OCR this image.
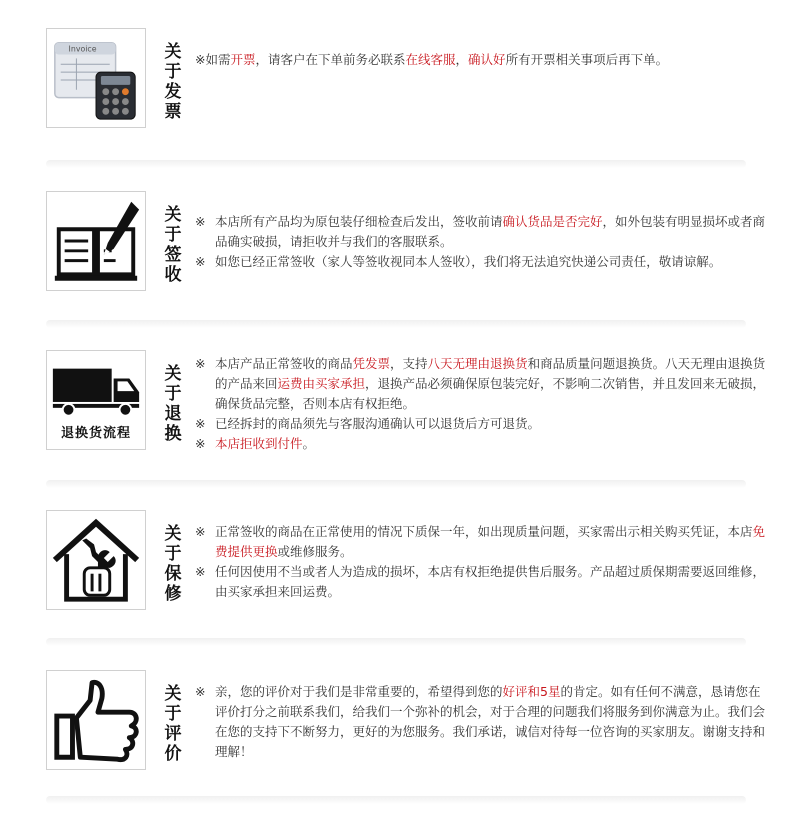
Invoice	关
于
发
票
※如需开票，请客户在下单前务必联系在线客服，确认好所有开票相关事项后再下单。
关
于
签
收
※ 本店所有产品均为原包装仔细检查后发出，签收前请确认货品是否完好，如外包装有明显损坏或者商品确实破损，请拒收并与我们的客服联系。
※ 如您已经正常签收（家人等签收视同本人签收），我们将无法追究快递公司责任，敬请谅解。
退换货流程
关
于
退
换
※ 本店产品正常签收的商品凭发票，支持八天无理由退换货和商品质量问题退换货。八天无理由退换货的产品来回运费由买家承担，退换产品必须确保原包装完好，不影响二次销售，并且发回来无破损，确保货品完整，否则本店有权拒绝。
※ 已经拆封的商品须先与客服沟通确认可以退货后方可退货。
※ 本店拒收到付件。
关
于
保
修
※ 正常签收的商品在正常使用的情况下质保一年，如出现质量问题，买家需出示相关购买凭证，本店免费提供更换或维修服务。
※ 任何因使用不当或者人为造成的损坏，本店有权拒绝提供售后服务。产品超过质保期需要返回维修，由买家承担来回运费。
关
于
评
价
※ 亲，您的评价对于我们是非常重要的，希望得到您的好评和5星的肯定。如有任何不满意，恳请您在评价打分之前联系我们，给我们一个弥补的机会，对于合理的问题我们将服务到你满意为止。我们会在您的支持下不断努力，更好的为您服务。我们承诺，诚信对待每一位咨询的买家朋友。谢谢支持和理解！
